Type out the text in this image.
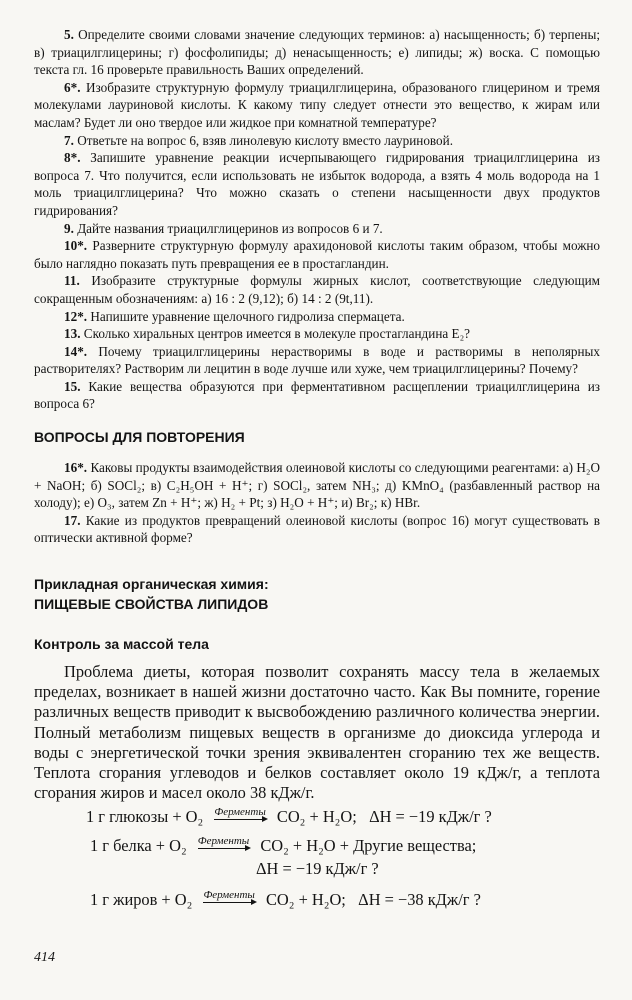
5. Определите своими словами значение следующих терминов: а) насыщенность; б) терпены; в) триацилглицерины; г) фосфолипиды; д) ненасыщенность; е) липиды; ж) воска. С помощью текста гл. 16 проверьте правильность Ваших определений.

6*. Изобразите структурную формулу триацилглицерина, образованого глицерином и тремя молекулами лауриновой кислоты. К какому типу следует отнести это вещество, к жирам или маслам? Будет ли оно твердое или жидкое при комнатной температуре?

7. Ответьте на вопрос 6, взяв линолевую кислоту вместо лауриновой.

8*. Запишите уравнение реакции исчерпывающего гидрирования триацилглицерина из вопроса 7. Что получится, если использовать не избыток водорода, а взять 4 моль водорода на 1 моль триацилглицерина? Что можно сказать о степени насыщенности двух продуктов гидрирования?

9. Дайте названия триацилглицеринов из вопросов 6 и 7.

10*. Разверните структурную формулу арахидоновой кислоты таким образом, чтобы можно было наглядно показать путь превращения ее в простагландин.

11. Изобразите структурные формулы жирных кислот, соответствующие следующим сокращенным обозначениям: а) 16 : 2 (9,12); б) 14 : 2 (9t,11).

12*. Напишите уравнение щелочного гидролиза спермацета.

13. Сколько хиральных центров имеется в молекуле простагландина E₂?

14*. Почему триацилглицерины нерастворимы в воде и растворимы в неполярных растворителях? Растворим ли лецитин в воде лучше или хуже, чем триацилглицерины? Почему?

15. Какие вещества образуются при ферментативном расщеплении триацилглицерина из вопроса 6?

ВОПРОСЫ ДЛЯ ПОВТОРЕНИЯ

16*. Каковы продукты взаимодействия олеиновой кислоты со следующими реагентами: а) H₂O + NaOH; б) SOCl₂; в) C₂H₅OH + H⁺; г) SOCl₂, затем NH₃; д) KMnO₄ (разбавленный раствор на холоду); е) O₃, затем Zn + H⁺; ж) H₂ + Pt; з) H₂O + H⁺; и) Br₂; к) HBr.

17. Какие из продуктов превращений олеиновой кислоты (вопрос 16) могут существовать в оптически активной форме?

Прикладная органическая химия:
ПИЩЕВЫЕ СВОЙСТВА ЛИПИДОВ

Контроль за массой тела

Проблема диеты, которая позволит сохранять массу тела в желаемых пределах, возникает в нашей жизни достаточно часто. Как Вы помните, горение различных веществ приводит к высвобождению различного количества энергии. Полный метаболизм пищевых веществ в организме до диоксида углерода и воды с энергетической точки зрения эквивалентен сгоранию тех же веществ. Теплота сгорания углеводов и белков составляет около 19 кДж/г, а теплота сгорания жиров и масел около 38 кДж/г.

1 г глюкозы + O₂ Ферменты CO₂ + H₂O; ΔH = −19 кДж/г ?

1 г белка + O₂ Ферменты CO₂ + H₂O + Другие вещества;

ΔH = −19 кДж/г ?

1 г жиров + O₂ Ферменты CO₂ + H₂O; ΔH = −38 кДж/г ?

414
